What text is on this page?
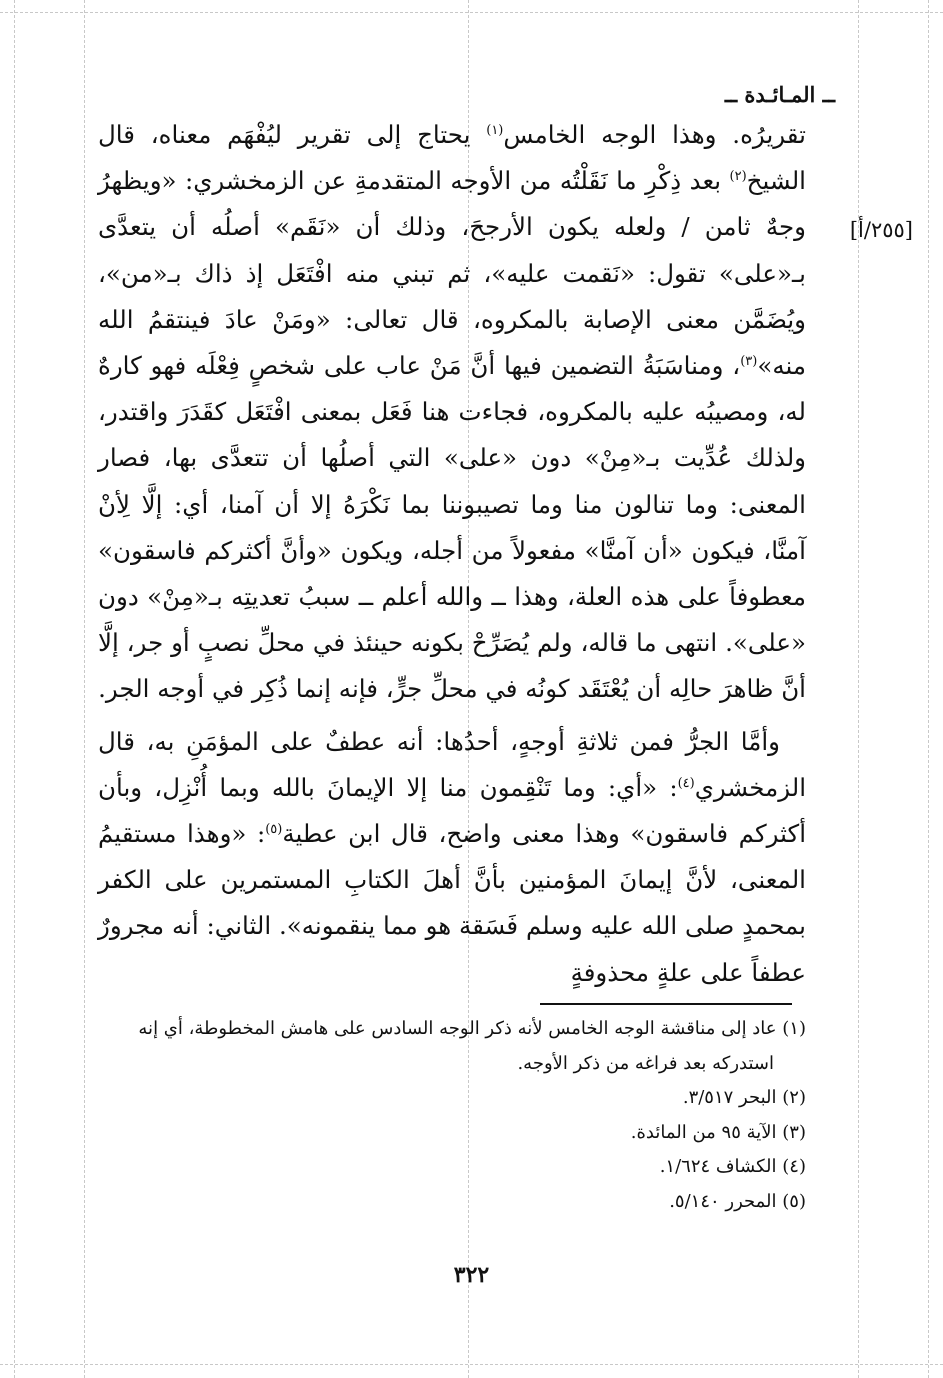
ــ المـائـدة ــ
[٢٥٥/أ]

تقريرُه. وهذا الوجه الخامس$^{(١)}$ يحتاج إلى تقرير ليُفْهَم معناه، قال الشيخ$^{(٢)}$ بعد ذِكْرِ ما نَقَلْتُه من الأوجه المتقدمةِ عن الزمخشري: «ويظهرُ وجهٌ ثامن / ولعله يكون الأرجحَ، وذلك أن «نَقَم» أصلُه أن يتعدَّى بـ«على» تقول: «نَقمت عليه»، ثم تبني منه افْتَعَل إذ ذاك بـ«من»، ويُضَمَّن معنى الإصابة بالمكروه، قال تعالى: «ومَنْ عادَ فينتقمُ الله منه»$^{(٣)}$، ومناسَبَةُ التضمين فيها أنَّ مَنْ عاب على شخصٍ فِعْلَه فهو كارهٌ له، ومصيبُه عليه بالمكروه، فجاءت هنا فَعَل بمعنى افْتَعَل كقَدَرَ واقتدر، ولذلك عُدِّيت بـ«مِنْ» دون «على» التي أصلُها أن تتعدَّى بها، فصار المعنى: وما تنالون منا وما تصيبوننا بما نَكْرَهُ إلا أن آمنا، أي: إلَّا لِأنْ آمنَّا، فيكون «أن آمنَّا» مفعولاً من أجله، ويكون «وأنَّ أكثركم فاسقون» معطوفاً على هذه العلة، وهذا ــ والله أعلم ــ سببُ تعديتِه بـ«مِنْ» دون «على». انتهى ما قاله، ولم يُصَرِّحْ بكونه حينئذ في محلِّ نصبٍ أو جر، إلَّا أنَّ ظاهرَ حالِه أن يُعْتَقَد كونُه في محلِّ جرٍّ، فإنه إنما ذُكِر في أوجه الجر.

وأمَّا الجرُّ فمن ثلاثةِ أوجهٍ، أحدُها: أنه عطفٌ على المؤمَنِ به، قال الزمخشري$^{(٤)}$: «أي: وما تَنْقِمون منا إلا الإيمانَ بالله وبما أُنْزِل، وبأن أكثركم فاسقون» وهذا معنى واضح، قال ابن عطية$^{(٥)}$: «وهذا مستقيمُ المعنى، لأنَّ إيمانَ المؤمنين بأنَّ أهلَ الكتابِ المستمرين على الكفر بمحمدٍ صلى الله عليه وسلم فَسَقة هو مما ينقمونه». الثاني: أنه مجرورٌ عطفاً على علةٍ محذوفةٍ

(١) عاد إلى مناقشة الوجه الخامس لأنه ذكر الوجه السادس على هامش المخطوطة، أي إنه

استدركه بعد فراغه من ذكر الأوجه.

(٢) البحر ٣/٥١٧.

(٣) الآية ٩٥ من المائدة.

(٤) الكشاف ١/٦٢٤.

(٥) المحرر ٥/١٤٠.

٣٢٢
